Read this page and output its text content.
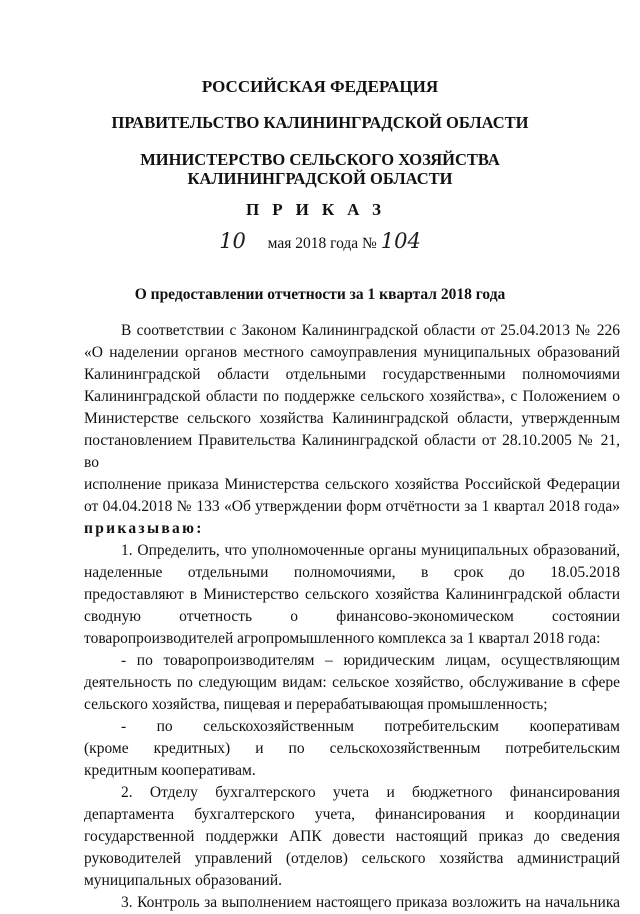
РОССИЙСКАЯ ФЕДЕРАЦИЯ
ПРАВИТЕЛЬСТВО КАЛИНИНГРАДСКОЙ ОБЛАСТИ
МИНИСТЕРСТВО СЕЛЬСКОГО ХОЗЯЙСТВА
КАЛИНИНГРАДСКОЙ ОБЛАСТИ
ПРИКАЗ
10 мая 2018 года № 104
О предоставлении отчетности за 1 квартал 2018 года

В соответствии с Законом Калининградской области от 25.04.2013 № 226

«О наделении органов местного самоуправления муниципальных образований

Калининградской области отдельными государственными полномочиями

Калининградской области по поддержке сельского хозяйства», с Положением о

Министерстве сельского хозяйства Калининградской области, утвержденным

постановлением Правительства Калининградской области от 28.10.2005 № 21, во

исполнение приказа Министерства сельского хозяйства Российской Федерации

от 04.04.2018 № 133 «Об утверждении форм отчётности за 1 квартал 2018 года»

приказываю:

1. Определить, что уполномоченные органы муниципальных образований,

наделенные отдельными полномочиями, в срок до 18.05.2018

предоставляют в Министерство сельского хозяйства Калининградской области

сводную отчетность о финансово-экономическом состоянии

товаропроизводителей агропромышленного комплекса за 1 квартал 2018 года:

- по товаропроизводителям – юридическим лицам, осуществляющим

деятельность по следующим видам: сельское хозяйство, обслуживание в сфере

сельского хозяйства, пищевая и перерабатывающая промышленность;

- по сельскохозяйственным потребительским кооперативам

(кроме кредитных) и по сельскохозяйственным потребительским

кредитным кооперативам.

2. Отделу бухгалтерского учета и бюджетного финансирования

департамента бухгалтерского учета, финансирования и координации

государственной поддержки АПК довести настоящий приказ до сведения

руководителей управлений (отделов) сельского хозяйства администраций

муниципальных образований.

3. Контроль за выполнением настоящего приказа возложить на начальника
